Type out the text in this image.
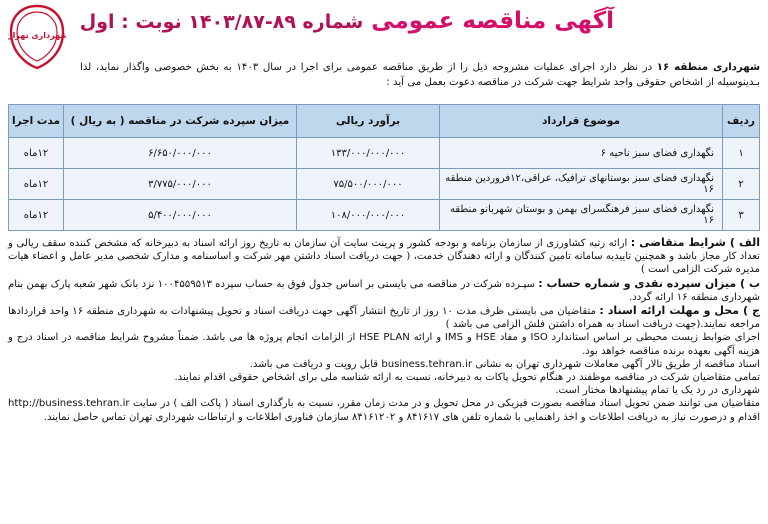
آگهی مناقصه عمومی شماره ۸۹-۱۴۰۳/۸۷ نوبت : اول
شهرداری تهران
شهرداری منطقه ۱۶ در نظر دارد اجرای عملیات مشروحه ذیل را از طریق مناقصه عمومی برای اجرا در سال ۱۴۰۳ به بخش خصوصی واگذار نماید، لذا بـدینوسیله از اشخاص حقوقی واجد شرایط جهت شرکت در مناقصه دعوت بعمل می آید :
ردیف	موضوع قرارداد	برآورد ریالی	میزان سپرده شرکت در مناقصه ( به ریال )	مدت اجرا
۱	نگهداری فضای سبز ناحیه ۶	۱۳۳/۰۰۰/۰۰۰/۰۰۰	۶/۶۵۰/۰۰۰/۰۰۰	۱۲ماه
۲	نگهداری فضای سبز بوستانهای ترافیک، عراقی،۱۲فروردین منطقه ۱۶	۷۵/۵۰۰/۰۰۰/۰۰۰	۳/۷۷۵/۰۰۰/۰۰۰	۱۲ماه
۳	نگهداری فضای سبز فرهنگسرای بهمن و بوستان شهربانو منطقه ۱۶	۱۰۸/۰۰۰/۰۰۰/۰۰۰	۵/۴۰۰/۰۰۰/۰۰۰	۱۲ماه

الف ) شرایط متقاضی : ارائه رتبه کشاورزی از سازمان برنامه و بودجه کشور و پرینت سایت آن سازمان به تاریخ روز ارائه اسناد به دبیرخانه که مشخص کننده سقف ریالی و تعداد کار مجاز باشد و همچنین تاییدیه سامانه تامین کنندگان و ارائه دهندگان خدمت، ( جهت دریافت اسناد داشتن مهر شرکت و اساسنامه و مدارک شخصی مدیر عامل و اعضاء هیات مدیره شرکت الزامی است )

ب ) میزان سپرده نقدی و شماره حساب : سپـرده شرکت در مناقصه می بایستی بر اساس جدول فوق به حساب سپرده ۱۰۰۴۵۵۹۵۱۳ نزد بانک شهر شعبه پارک بهمن بنام شهرداری منطقه ۱۶ ارائه گردد.

ج ) محل و مهلت ارائه اسناد : متقاضیان می بایستی ظرف مدت ۱۰ روز از تاریخ انتشار آگهی جهت دریافت اسناد و تحویل پیشنهادات به شهرداری منطقه ۱۶ واحد قراردادها مراجعه نمایند.(جهت دریافت اسناد به همراه داشتن فلش الزامی می باشد )

اجرای ضوابط زیست محیطی بر اساس استاندارد ISO و مفاد HSE و IMS و ارائه HSE PLAN از الزامات انجام پروژه ها می باشد. ضمناً مشروح شرایط مناقصه در اسناد درج و هزینه آگهی بعهده برنده مناقصه خواهد بود.

اسناد مناقصه از طریق تالار آگهی معاملات شهرداری تهران به نشانی business.tehran.ir قابل رویت و دریافت می باشد.

تمامی متقاضیان شرکت در مناقصه موظفند در هنگام تحویل پاکات به دبیرخانه، نسبت به ارائه شناسه ملی برای اشخاص حقوقی اقدام نمایند.

شهرداری در رد یک یا تمام پیشنهادها مختار است.

متقاضیان می توانند ضمن تحویل اسناد مناقصه بصورت فیزیکی در محل تحویل و در مدت زمان مقرر، نسبت به بارگذاری اسناد ( پاکت الف ) در سایت http://business.tehran.ir اقدام و درصورت نیاز به دریافت اطلاعات و اخذ راهنمایی با شماره تلفن های ۸۴۱۶۱۷ و ۸۴۱۶۱۲۰۲ سازمان فناوری اطلاعات و ارتباطات شهرداری تهران تماس حاصل نمایند.
